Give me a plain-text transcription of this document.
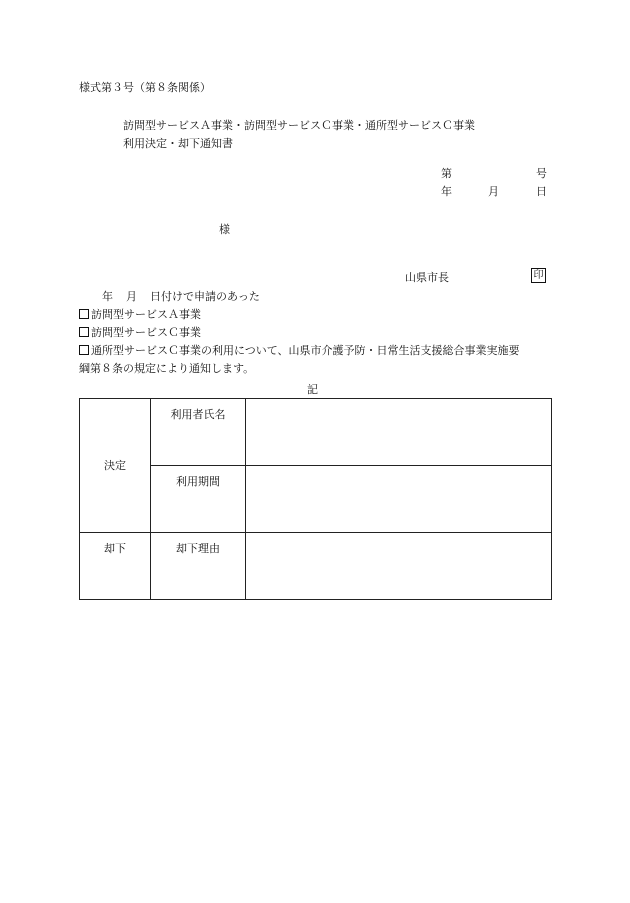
様式第３号（第８条関係）
訪問型サービスＡ事業・訪問型サービスＣ事業・通所型サービスＣ事業
利用決定・却下通知書
第	号
年	月	日
様
山県市長	印
年 月 日付けで申請のあった
訪問型サービスＡ事業
訪問型サービスＣ事業
通所型サービスＣ事業の利用について、山県市介護予防・日常生活支援総合事業実施要
綱第８条の規定により通知します。
記
決定	利用者氏名	
	利用期間	
却下	却下理由	
